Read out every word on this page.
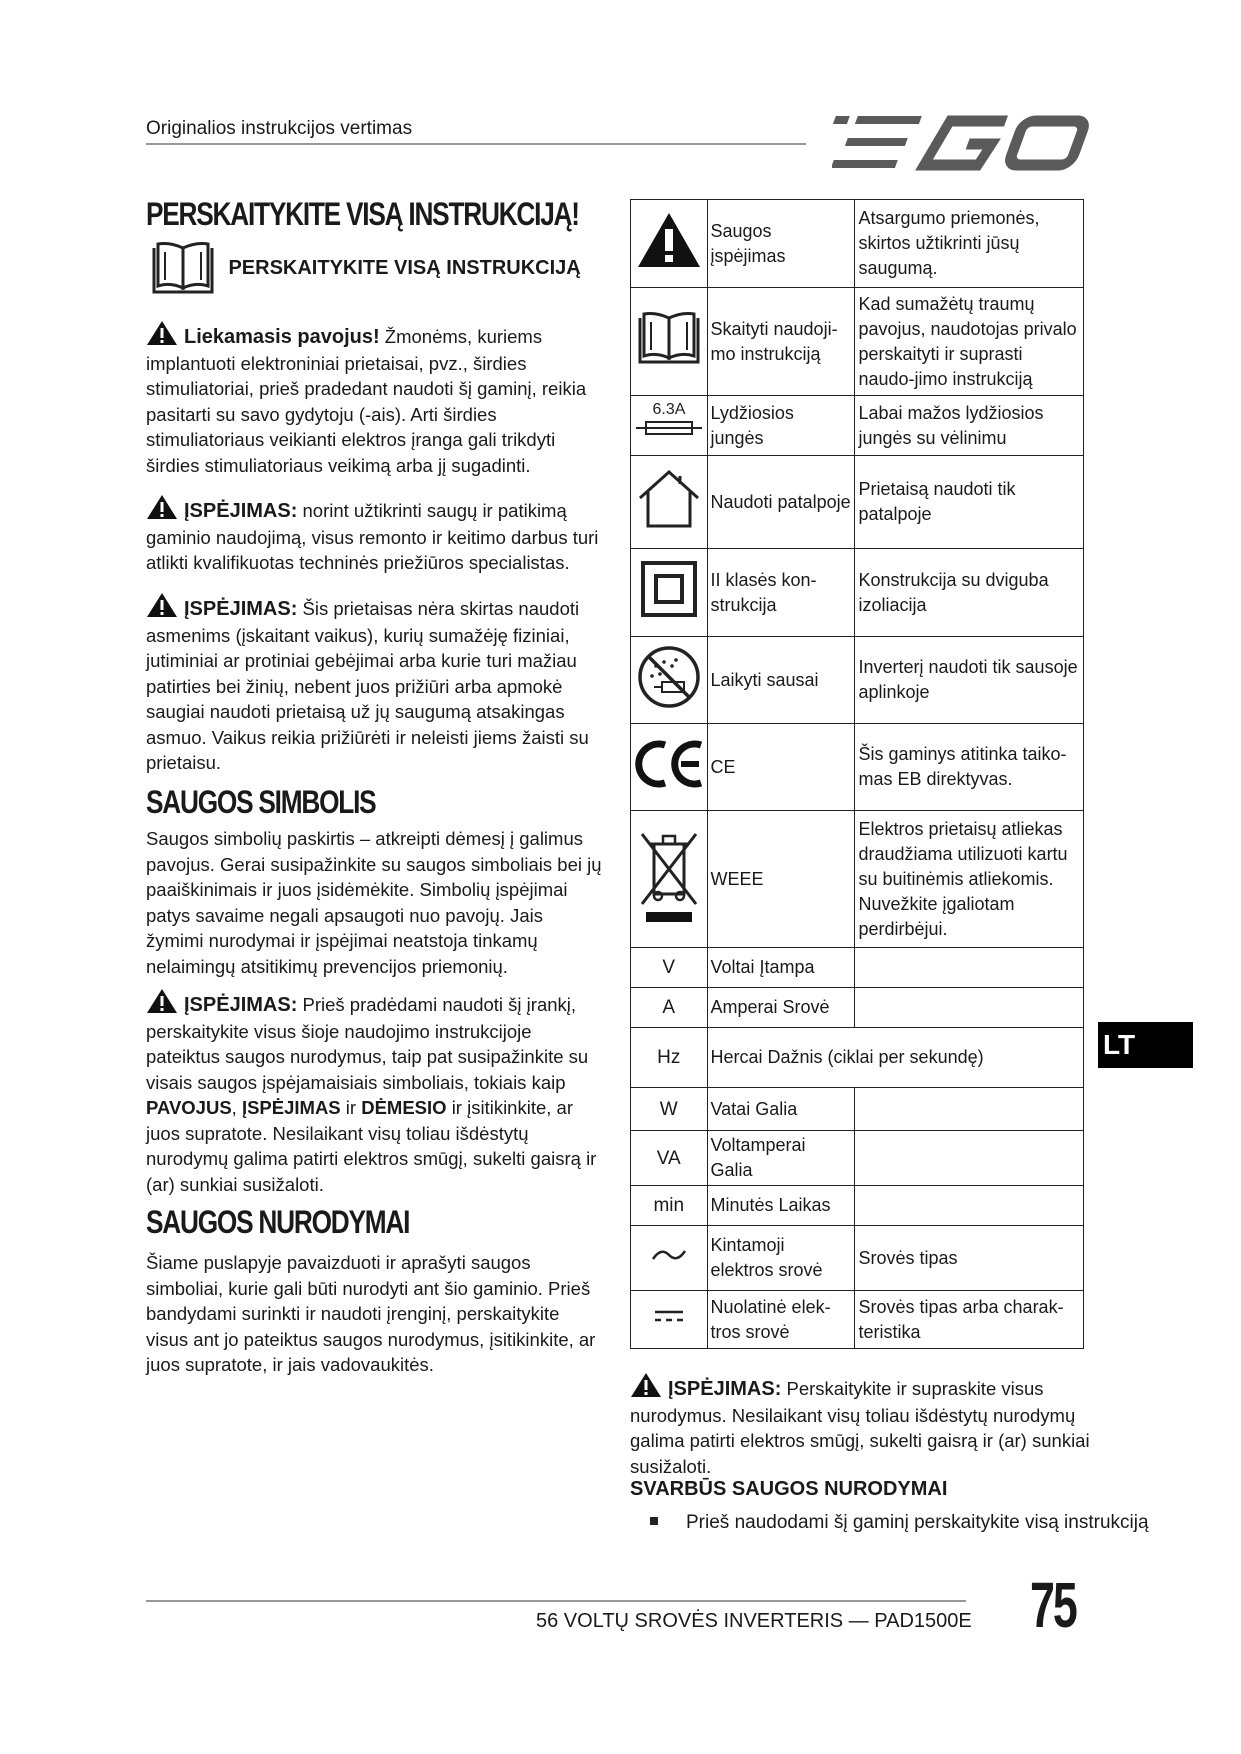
Originalios instrukcijos vertimas
PERSKAITYKITE VISĄ INSTRUKCIJĄ!
PERSKAITYKITE VISĄ INSTRUKCIJĄ

Liekamasis pavojus! Žmonėms, kuriems implantuoti elektroniniai prietaisai, pvz., širdies stimuliatoriai, prieš pradedant naudoti šį gaminį, reikia pasitarti su savo gydytoju (-ais). Arti širdies stimuliatoriaus veikianti elektros įranga gali trikdyti širdies stimuliatoriaus veikimą arba jį sugadinti.

ĮSPĖJIMAS: norint užtikrinti saugų ir patikimą gaminio naudojimą, visus remonto ir keitimo darbus turi atlikti kvalifikuotas techninės priežiūros specialistas.

ĮSPĖJIMAS: Šis prietaisas nėra skirtas naudoti asmenims (įskaitant vaikus), kurių sumažėję fiziniai, jutiminiai ar protiniai gebėjimai arba kurie turi mažiau patirties bei žinių, nebent juos prižiūri arba apmokė saugiai naudoti prietaisą už jų saugumą atsakingas asmuo. Vaikus reikia prižiūrėti ir neleisti jiems žaisti su prietaisu.

SAUGOS SIMBOLIS

Saugos simbolių paskirtis – atkreipti dėmesį į galimus pavojus. Gerai susipažinkite su saugos simboliais bei jų paaiškinimais ir juos įsidėmėkite. Simbolių įspėjimai patys savaime negali apsaugoti nuo pavojų. Jais žymimi nurodymai ir įspėjimai neatstoja tinkamų nelaimingų atsitikimų prevencijos priemonių.

ĮSPĖJIMAS: Prieš pradėdami naudoti šį įrankį, perskaitykite visus šioje naudojimo instrukcijoje pateiktus saugos nurodymus, taip pat susipažinkite su visais saugos įspėjamaisiais simboliais, tokiais kaip PAVOJUS, ĮSPĖJIMAS ir DĖMESIO ir įsitikinkite, ar juos supratote. Nesilaikant visų toliau išdėstytų nurodymų galima patirti elektros smūgį, sukelti gaisrą ir (ar) sunkiai susižaloti.

SAUGOS NURODYMAI

Šiame puslapyje pavaizduoti ir aprašyti saugos simboliai, kurie gali būti nurodyti ant šio gaminio. Prieš bandydami surinkti ir naudoti įrenginį, perskaitykite visus ant jo pateiktus saugos nurodymus, įsitikinkite, ar juos supratote, ir jais vadovaukitės.

	Saugos įspėjimas	Atsargumo priemonės, skirtos užtikrinti jūsų saugumą.
	Skaityti naudoji-mo instrukciją	Kad sumažėtų traumų pavojus, naudotojas privalo perskaityti ir suprasti naudo-jimo instrukciją

6.3A	Lydžiosios jungės	Labai mažos lydžiosios jungės su vėlinimu
	Naudoti patalpoje	Prietaisą naudoti tik patalpoje
	II klasės kon-strukcija	Konstrukcija su dviguba izoliacija
	Laikyti sausai	Inverterį naudoti tik sausoje aplinkoje
	CE	Šis gaminys atitinka taiko-mas EB direktyvas.
	WEEE	Elektros prietaisų atliekas draudžiama utilizuoti kartu su buitinėmis atliekomis. Nuvežkite įgaliotam perdirbėjui.
V	Voltai Įtampa	
A	Amperai Srovė	
Hz	Hercai Dažnis (ciklai per sekundę)	
W	Vatai Galia	
VA	Voltamperai Galia	
min	Minutės Laikas	
	Kintamoji elektros srovė	Srovės tipas
	Nuolatinė elek-tros srovė	Srovės tipas arba charak-teristika
LT

ĮSPĖJIMAS: Perskaitykite ir supraskite visus nurodymus. Nesilaikant visų toliau išdėstytų nurodymų galima patirti elektros smūgį, sukelti gaisrą ir (ar) sunkiai susižaloti.

SVARBŪS SAUGOS NURODYMAI
Prieš naudodami šį gaminį perskaitykite visą instrukciją
56 VOLTŲ SROVĖS INVERTERIS — PAD1500E 75
